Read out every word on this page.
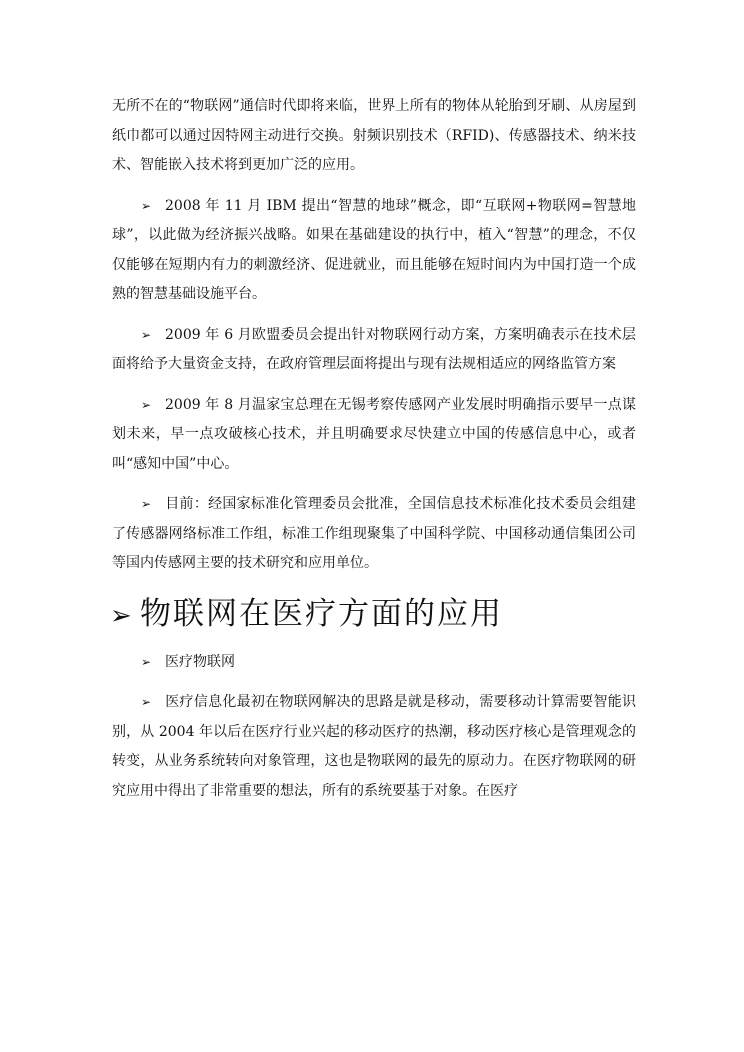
无所不在的“物联网”通信时代即将来临，世界上所有的物体从轮胎到牙刷、从房屋到纸巾都可以通过因特网主动进行交换。射频识别技术（RFID)、传感器技术、纳米技术、智能嵌入技术将到更加广泛的应用。

➢ 2008 年 11 月 IBM 提出“智慧的地球”概念，即“互联网+物联网=智慧地球”，以此做为经济振兴战略。如果在基础建设的执行中，植入“智慧”的理念，不仅仅能够在短期内有力的刺激经济、促进就业，而且能够在短时间内为中国打造一个成熟的智慧基础设施平台。

➢ 2009 年 6 月欧盟委员会提出针对物联网行动方案，方案明确表示在技术层面将给予大量资金支持，在政府管理层面将提出与现有法规相适应的网络监管方案

➢ 2009 年 8 月温家宝总理在无锡考察传感网产业发展时明确指示要早一点谋划未来，早一点攻破核心技术，并且明确要求尽快建立中国的传感信息中心，或者叫“感知中国”中心。

➢ 目前：经国家标准化管理委员会批准，全国信息技术标准化技术委员会组建了传感器网络标准工作组，标准工作组现聚集了中国科学院、中国移动通信集团公司等国内传感网主要的技术研究和应用单位。

➢ 物联网在医疗方面的应用
➢ 医疗物联网

➢ 医疗信息化最初在物联网解决的思路是就是移动，需要移动计算需要智能识别，从 2004 年以后在医疗行业兴起的移动医疗的热潮，移动医疗核心是管理观念的转变，从业务系统转向对象管理，这也是物联网的最先的原动力。在医疗物联网的研究应用中得出了非常重要的想法，所有的系统要基于对象。在医疗
